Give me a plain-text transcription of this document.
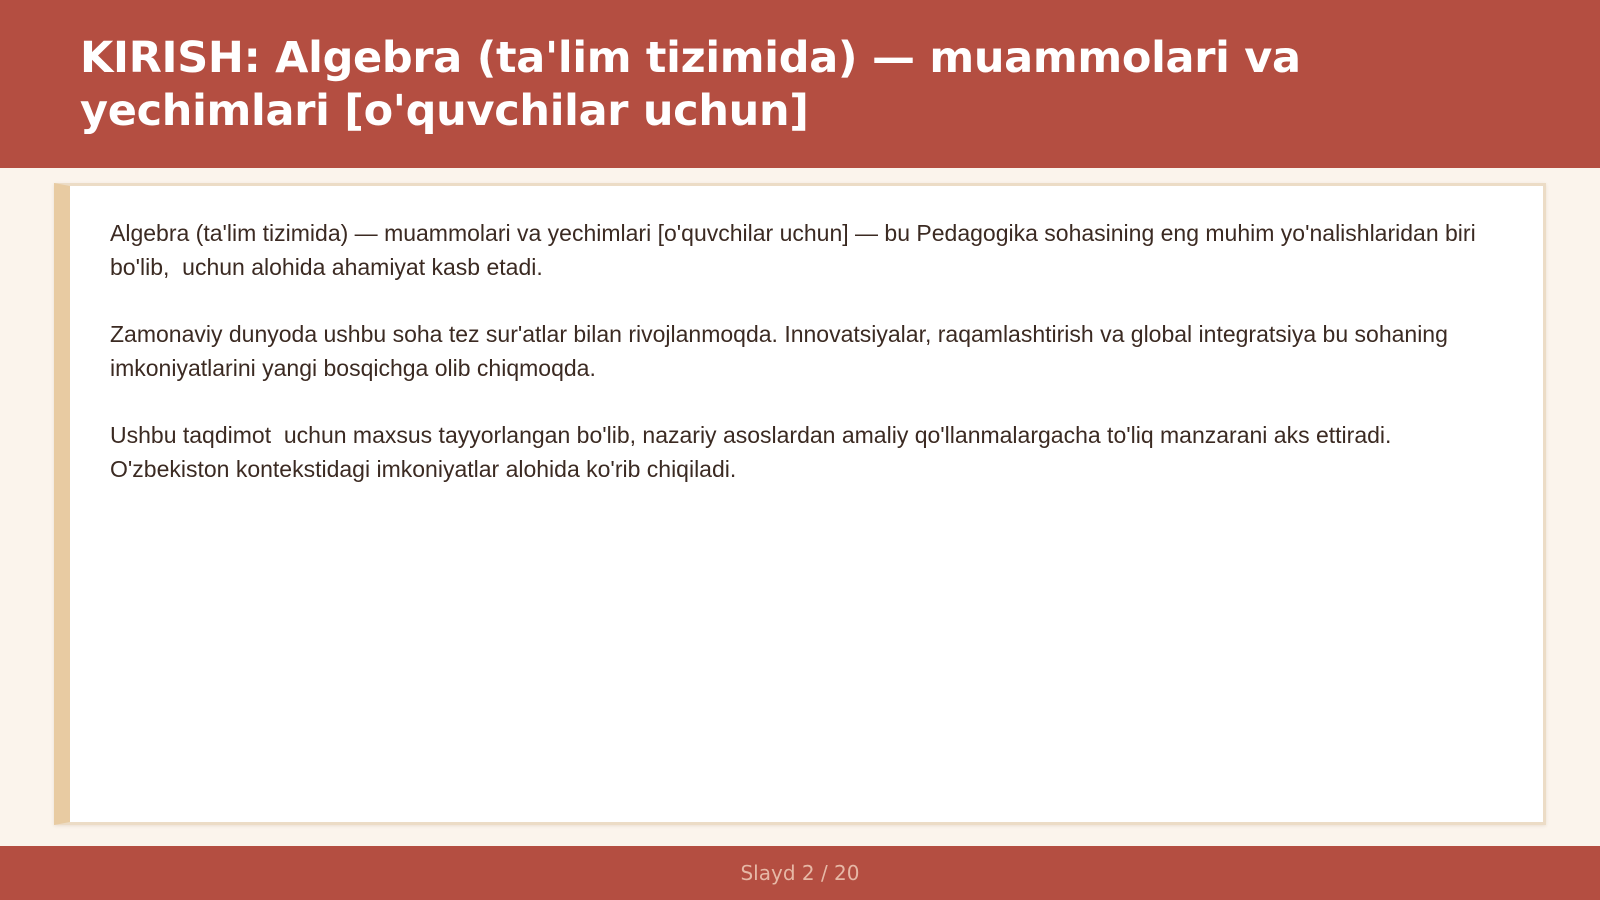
KIRISH: Algebra (ta'lim tizimida) — muammolari va yechimlari [o'quvchilar uchun]

Algebra (ta'lim tizimida) — muammolari va yechimlari [o'quvchilar uchun] — bu Pedagogika sohasining eng muhim yo'nalishlaridan biri bo'lib,  uchun alohida ahamiyat kasb etadi.

Zamonaviy dunyoda ushbu soha tez sur'atlar bilan rivojlanmoqda. Innovatsiyalar, raqamlashtirish va global integratsiya bu sohaning imkoniyatlarini yangi bosqichga olib chiqmoqda.

Ushbu taqdimot  uchun maxsus tayyorlangan bo'lib, nazariy asoslardan amaliy qo'llanmalargacha to'liq manzarani aks ettiradi. O'zbekiston kontekstidagi imkoniyatlar alohida ko'rib chiqiladi.

Slayd 2 / 20
